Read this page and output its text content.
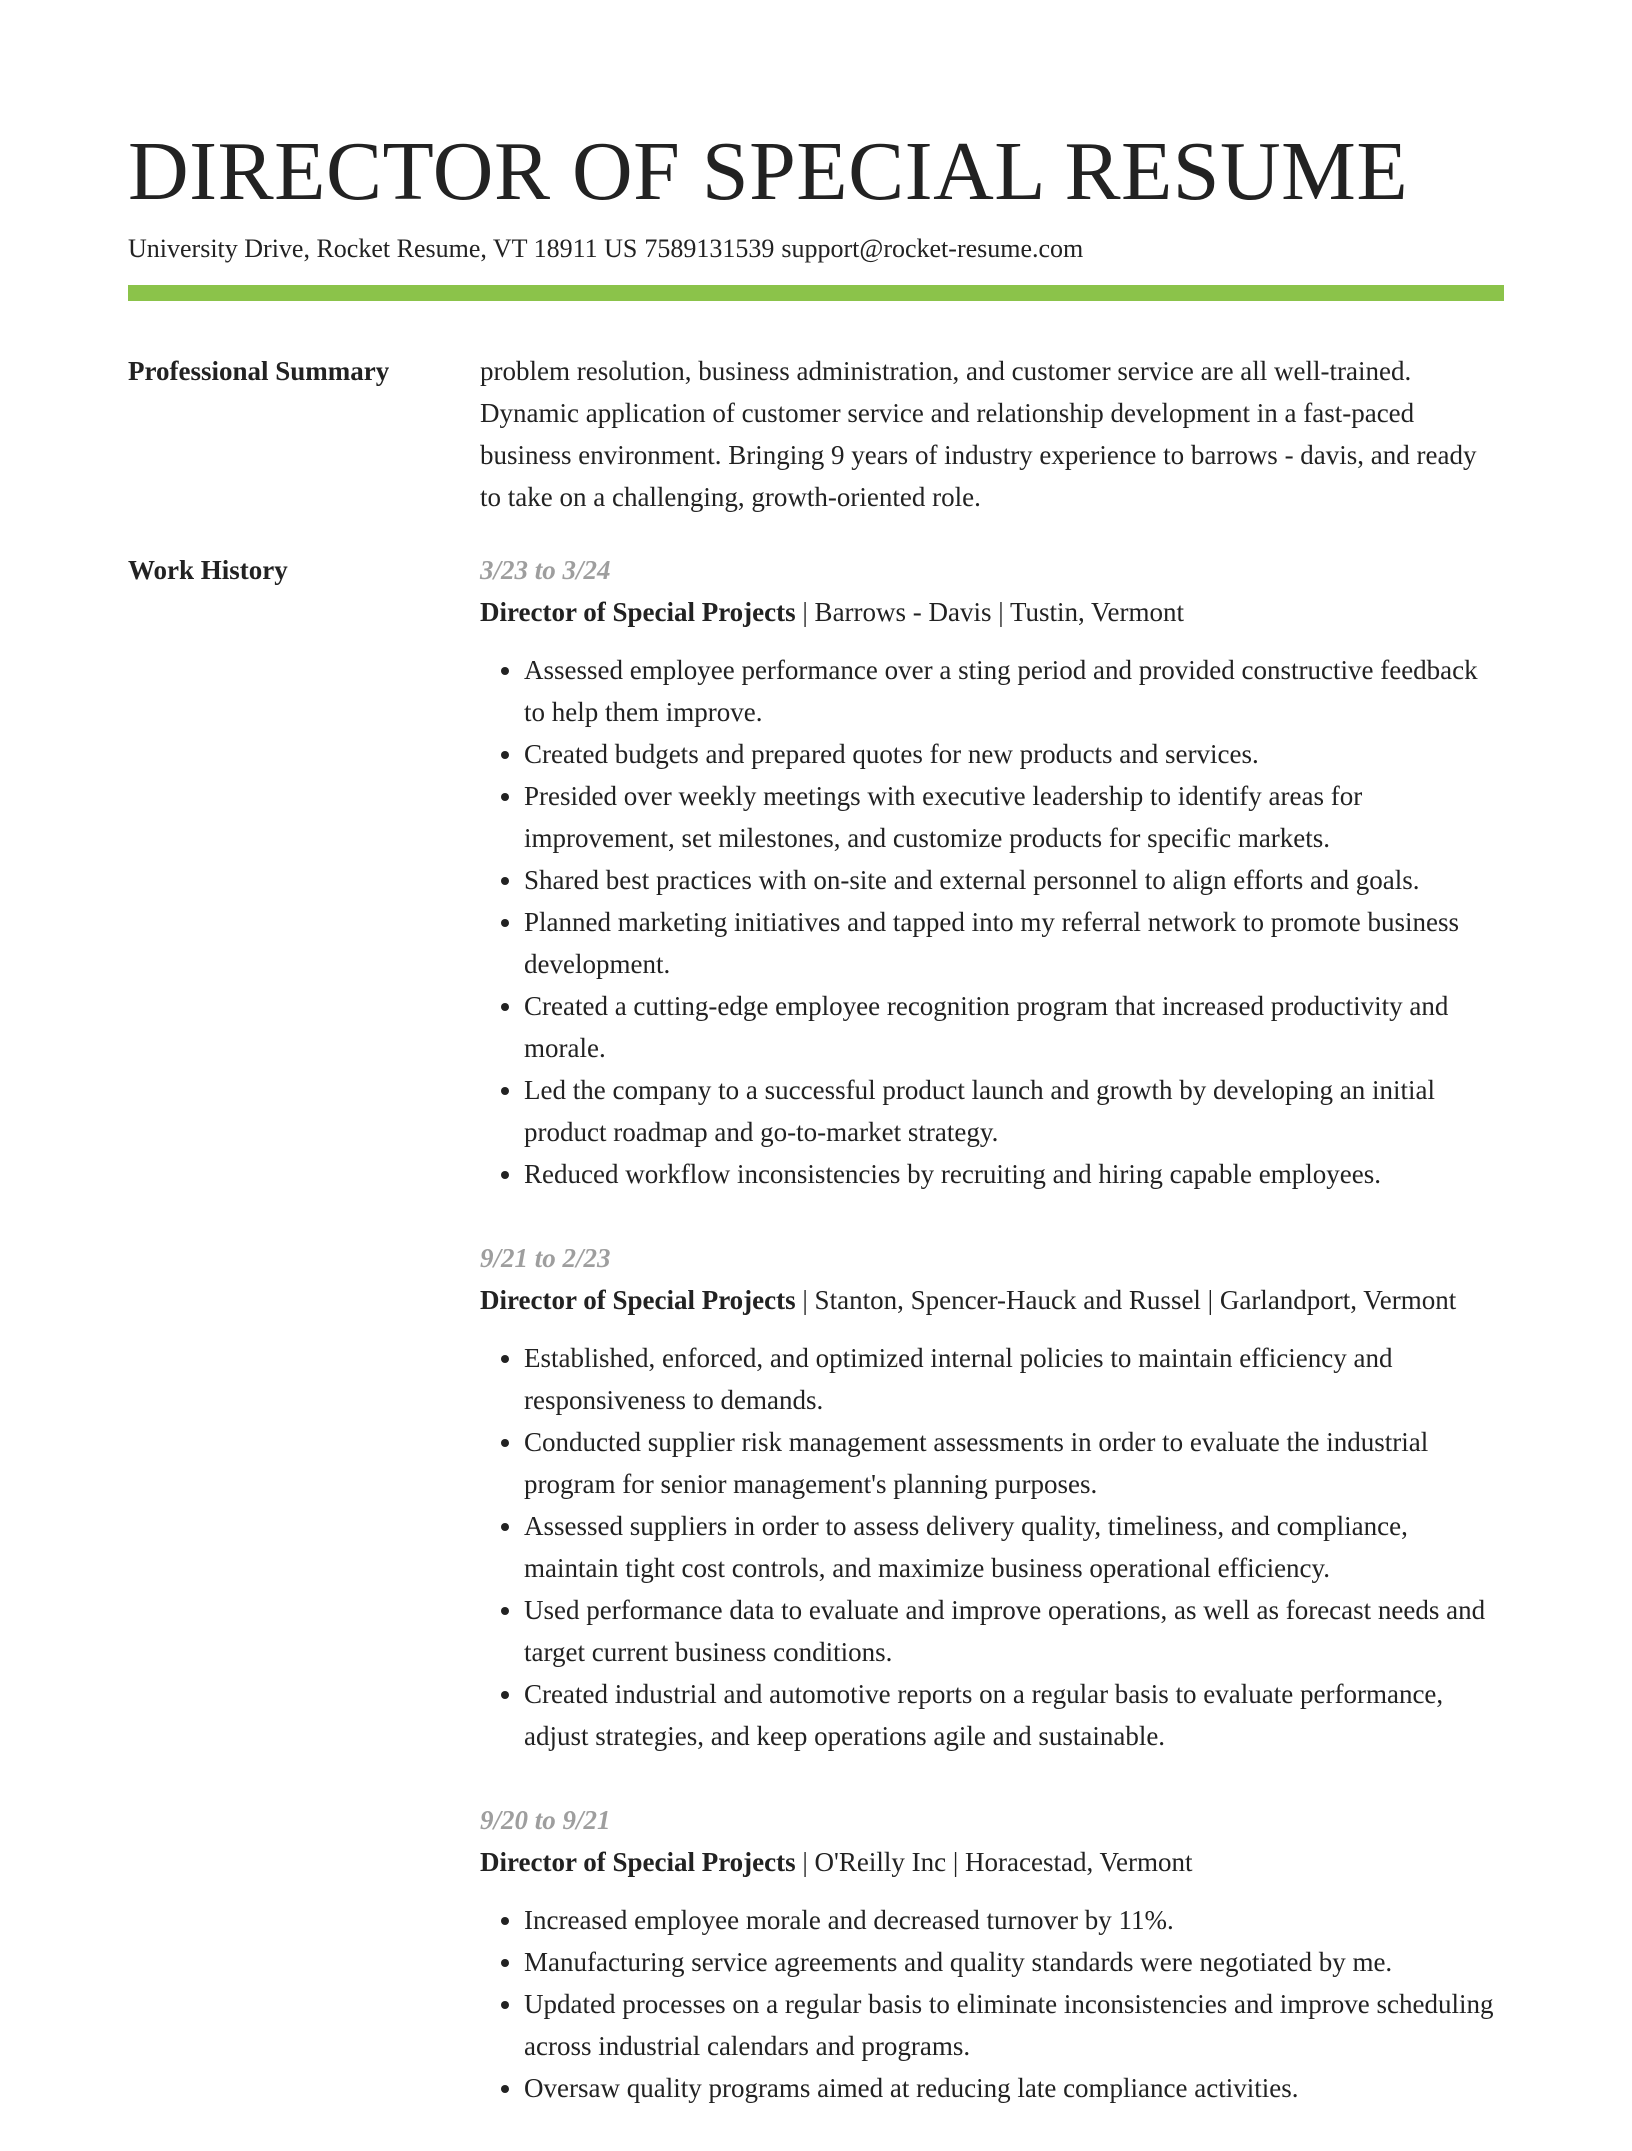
DIRECTOR OF SPECIAL RESUME
University Drive, Rocket Resume, VT 18911 US 7589131539 support@rocket-resume.com
Professional Summary	problem resolution, business administration, and customer service are all well-trained. Dynamic application of customer service and relationship development in a fast-paced business environment. Bringing 9 years of industry experience to barrows - davis, and ready to take on a challenging, growth-oriented role.

Work History	3/23 to 3/24
Director of Special Projects | Barrows - Davis | Tustin, Vermont
• Assessed employee performance over a sting period and provided constructive feedback to help them improve.
• Created budgets and prepared quotes for new products and services.
• Presided over weekly meetings with executive leadership to identify areas for improvement, set milestones, and customize products for specific markets.
• Shared best practices with on-site and external personnel to align efforts and goals.
• Planned marketing initiatives and tapped into my referral network to promote business development.
• Created a cutting-edge employee recognition program that increased productivity and morale.
• Led the company to a successful product launch and growth by developing an initial product roadmap and go-to-market strategy.
• Reduced workflow inconsistencies by recruiting and hiring capable employees.
9/21 to 2/23
Director of Special Projects | Stanton, Spencer-Hauck and Russel | Garlandport, Vermont
• Established, enforced, and optimized internal policies to maintain efficiency and responsiveness to demands.
• Conducted supplier risk management assessments in order to evaluate the industrial program for senior management's planning purposes.
• Assessed suppliers in order to assess delivery quality, timeliness, and compliance, maintain tight cost controls, and maximize business operational efficiency.
• Used performance data to evaluate and improve operations, as well as forecast needs and target current business conditions.
• Created industrial and automotive reports on a regular basis to evaluate performance, adjust strategies, and keep operations agile and sustainable.
9/20 to 9/21
Director of Special Projects | O'Reilly Inc | Horacestad, Vermont
• Increased employee morale and decreased turnover by 11%.
• Manufacturing service agreements and quality standards were negotiated by me.
• Updated processes on a regular basis to eliminate inconsistencies and improve scheduling across industrial calendars and programs.
• Oversaw quality programs aimed at reducing late compliance activities.
